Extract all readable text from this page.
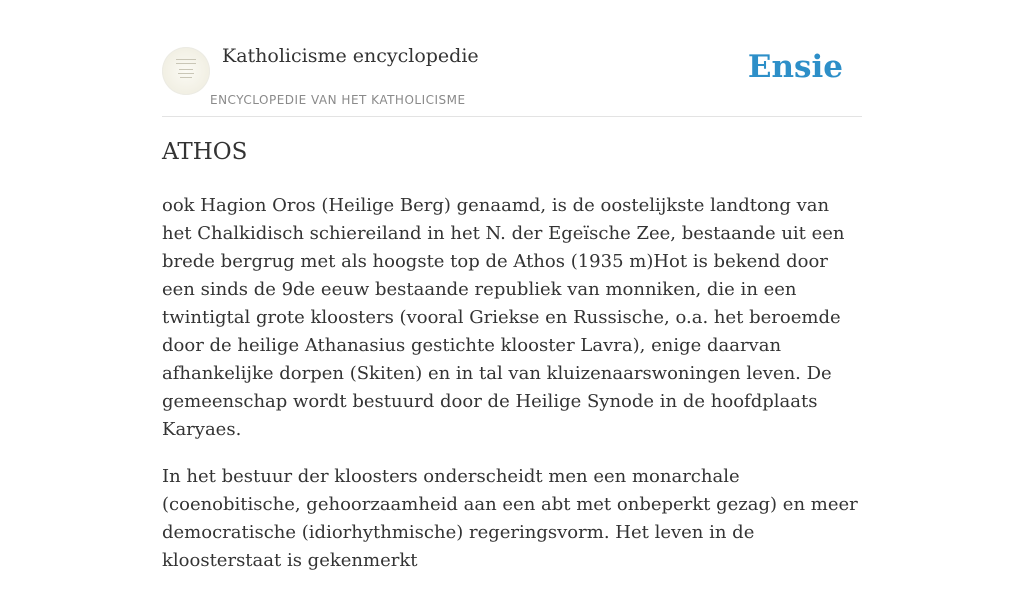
Katholicisme encyclopedie
ENCYCLOPEDIE VAN HET KATHOLICISME
Ensie
ATHOS

ook Hagion Oros (Heilige Berg) genaamd, is de oostelijkste landtong van het Chalkidisch schiereiland in het N. der Egeïsche Zee, bestaande uit een brede bergrug met als hoogste top de Athos (1935 m)Hot is bekend door een sinds de 9de eeuw bestaande republiek van monniken, die in een twintigtal grote kloosters (vooral Griekse en Russische, o.a. het beroemde door de heilige Athanasius gestichte klooster Lavra), enige daarvan afhankelijke dorpen (Skiten) en in tal van kluizenaarswoningen leven. De gemeenschap wordt bestuurd door de Heilige Synode in de hoofdplaats Karyaes.

In het bestuur der kloosters onderscheidt men een monarchale (coenobitische, gehoorzaamheid aan een abt met onbeperkt gezag) en meer democratische (idiorhythmische) regeringsvorm. Het leven in de kloosterstaat is gekenmerkt
